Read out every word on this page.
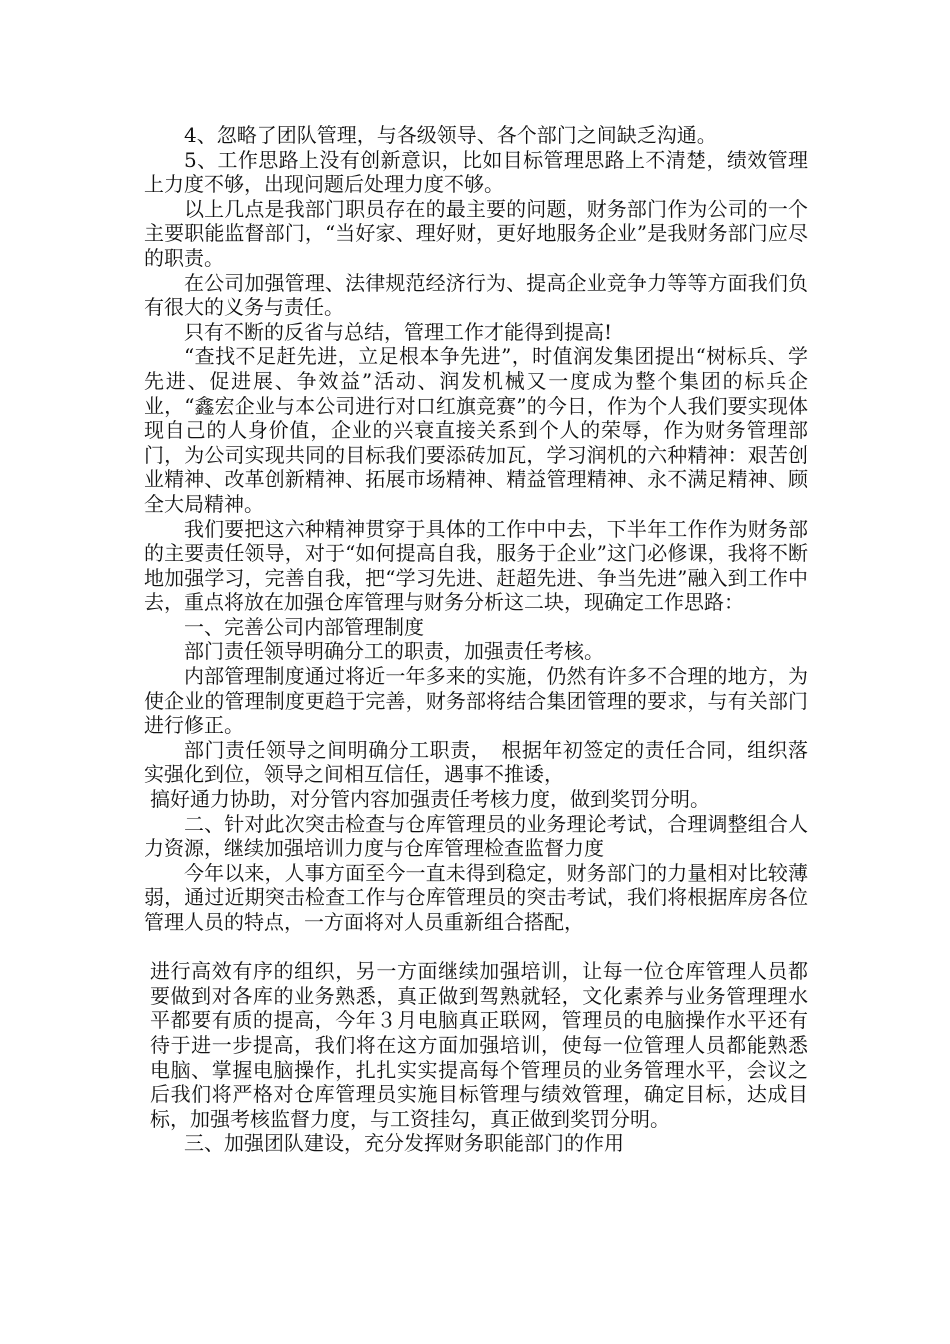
4、忽略了团队管理，与各级领导、各个部门之间缺乏沟通。

5、工作思路上没有创新意识，比如目标管理思路上不清楚，绩效管理上力度不够，出现问题后处理力度不够。

以上几点是我部门职员存在的最主要的问题，财务部门作为公司的一个主要职能监督部门，“当好家、理好财，更好地服务企业”是我财务部门应尽的职责。

在公司加强管理、法律规范经济行为、提高企业竞争力等等方面我们负有很大的义务与责任。

只有不断的反省与总结，管理工作才能得到提高!

“查找不足赶先进，立足根本争先进”，时值润发集团提出“树标兵、学先进、促进展、争效益”活动、润发机械又一度成为整个集团的标兵企业，“鑫宏企业与本公司进行对口红旗竞赛”的今日，作为个人我们要实现体现自己的人身价值，企业的兴衰直接关系到个人的荣辱，作为财务管理部门，为公司实现共同的目标我们要添砖加瓦，学习润机的六种精神：艰苦创业精神、改革创新精神、拓展市场精神、精益管理精神、永不满足精神、顾全大局精神。

我们要把这六种精神贯穿于具体的工作中中去，下半年工作作为财务部的主要责任领导，对于“如何提高自我，服务于企业”这门必修课，我将不断地加强学习，完善自我，把“学习先进、赶超先进、争当先进”融入到工作中去，重点将放在加强仓库管理与财务分析这二块，现确定工作思路：

一、完善公司内部管理制度

部门责任领导明确分工的职责，加强责任考核。

内部管理制度通过将近一年多来的实施，仍然有许多不合理的地方，为使企业的管理制度更趋于完善，财务部将结合集团管理的要求，与有关部门进行修正。

部门责任领导之间明确分工职责，　根据年初签定的责任合同，组织落实强化到位，领导之间相互信任，遇事不推诿，

搞好通力协助，对分管内容加强责任考核力度，做到奖罚分明。

二、针对此次突击检查与仓库管理员的业务理论考试，合理调整组合人力资源，继续加强培训力度与仓库管理检查监督力度

今年以来，人事方面至今一直未得到稳定，财务部门的力量相对比较薄弱，通过近期突击检查工作与仓库管理员的突击考试，我们将根据库房各位管理人员的特点，一方面将对人员重新组合搭配，

进行高效有序的组织，另一方面继续加强培训，让每一位仓库管理人员都要做到对各库的业务熟悉，真正做到驾熟就轻，文化素养与业务管理理水平都要有质的提高，今年３月电脑真正联网，管理员的电脑操作水平还有待于进一步提高，我们将在这方面加强培训，使每一位管理人员都能熟悉电脑、掌握电脑操作，扎扎实实提高每个管理员的业务管理水平，会议之后我们将严格对仓库管理员实施目标管理与绩效管理，确定目标，达成目标，加强考核监督力度，与工资挂勾，真正做到奖罚分明。

三、加强团队建设，充分发挥财务职能部门的作用
